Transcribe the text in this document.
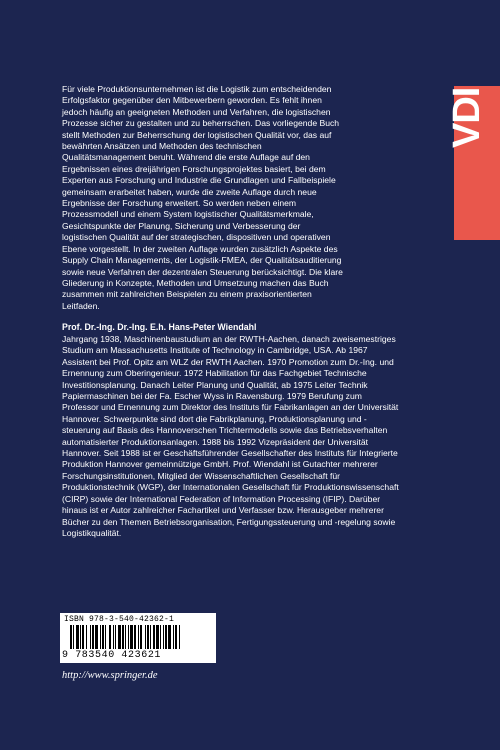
VDI

Für viele Produktionsunternehmen ist die Logistik zum entscheidenden Erfolgsfaktor gegenüber den Mitbewerbern geworden. Es fehlt ihnen jedoch häufig an geeigneten Methoden und Verfahren, die logistischen Prozesse sicher zu gestalten und zu beherrschen. Das vorliegende Buch stellt Methoden zur Beherrschung der logistischen Qualität vor, das auf bewährten Ansätzen und Methoden des technischen Qualitätsmanagement beruht. Während die erste Auflage auf den Ergebnissen eines dreijährigen Forschungsprojektes basiert, bei dem Experten aus Forschung und Industrie die Grundlagen und Fallbeispiele gemeinsam erarbeitet haben, wurde die zweite Auflage durch neue Ergebnisse der Forschung erweitert. So werden neben einem Prozessmodell und einem System logistischer Qualitätsmerkmale, Gesichtspunkte der Planung, Sicherung und Verbesserung der logistischen Qualität auf der strategischen, dispositiven und operativen Ebene vorgestellt. In der zweiten Auflage wurden zusätzlich Aspekte des Supply Chain Managements, der Logistik-FMEA, der Qualitätsauditierung sowie neue Verfahren der dezentralen Steuerung berücksichtigt. Die klare Gliederung in Konzepte, Methoden und Umsetzung machen das Buch zusammen mit zahlreichen Beispielen zu einem praxisorientierten Leitfaden.

Prof. Dr.-Ing. Dr.-Ing. E.h. Hans-Peter Wiendahl

Jahrgang 1938, Maschinenbaustudium an der RWTH-Aachen, danach zweisemestriges Studium am Massachusetts Institute of Technology in Cambridge, USA. Ab 1967 Assistent bei Prof. Opitz am WLZ der RWTH Aachen. 1970 Promotion zum Dr.-Ing. und Ernennung zum Oberingenieur. 1972 Habilitation für das Fachgebiet Technische Investitionsplanung. Danach Leiter Planung und Qualität, ab 1975 Leiter Technik Papiermaschinen bei der Fa. Escher Wyss in Ravensburg. 1979 Berufung zum Professor und Ernennung zum Direktor des Instituts für Fabrikanlagen an der Universität Hannover. Schwerpunkte sind dort die Fabrikplanung, Produktionsplanung und -steuerung auf Basis des Hannoverschen Trichtermodells sowie das Betriebsverhalten automatisierter Produktionsanlagen. 1988 bis 1992 Vizepräsident der Universität Hannover. Seit 1988 ist er Geschäftsführender Gesellschafter des Instituts für Integrierte Produktion Hannover gemeinnützige GmbH. Prof. Wiendahl ist Gutachter mehrerer Forschungsinstitutionen, Mitglied der Wissenschaftlichen Gesellschaft für Produktionstechnik (WGP), der Internationalen Gesellschaft für Produktionswissenschaft (CIRP) sowie der International Federation of Information Processing (IFIP). Darüber hinaus ist er Autor zahlreicher Fachartikel und Verfasser bzw. Herausgeber mehrerer Bücher zu den Themen Betriebsorganisation, Fertigungssteuerung und -regelung sowie Logistikqualität.

ISBN 978-3-540-42362-1
9 783540 423621
http://www.springer.de
